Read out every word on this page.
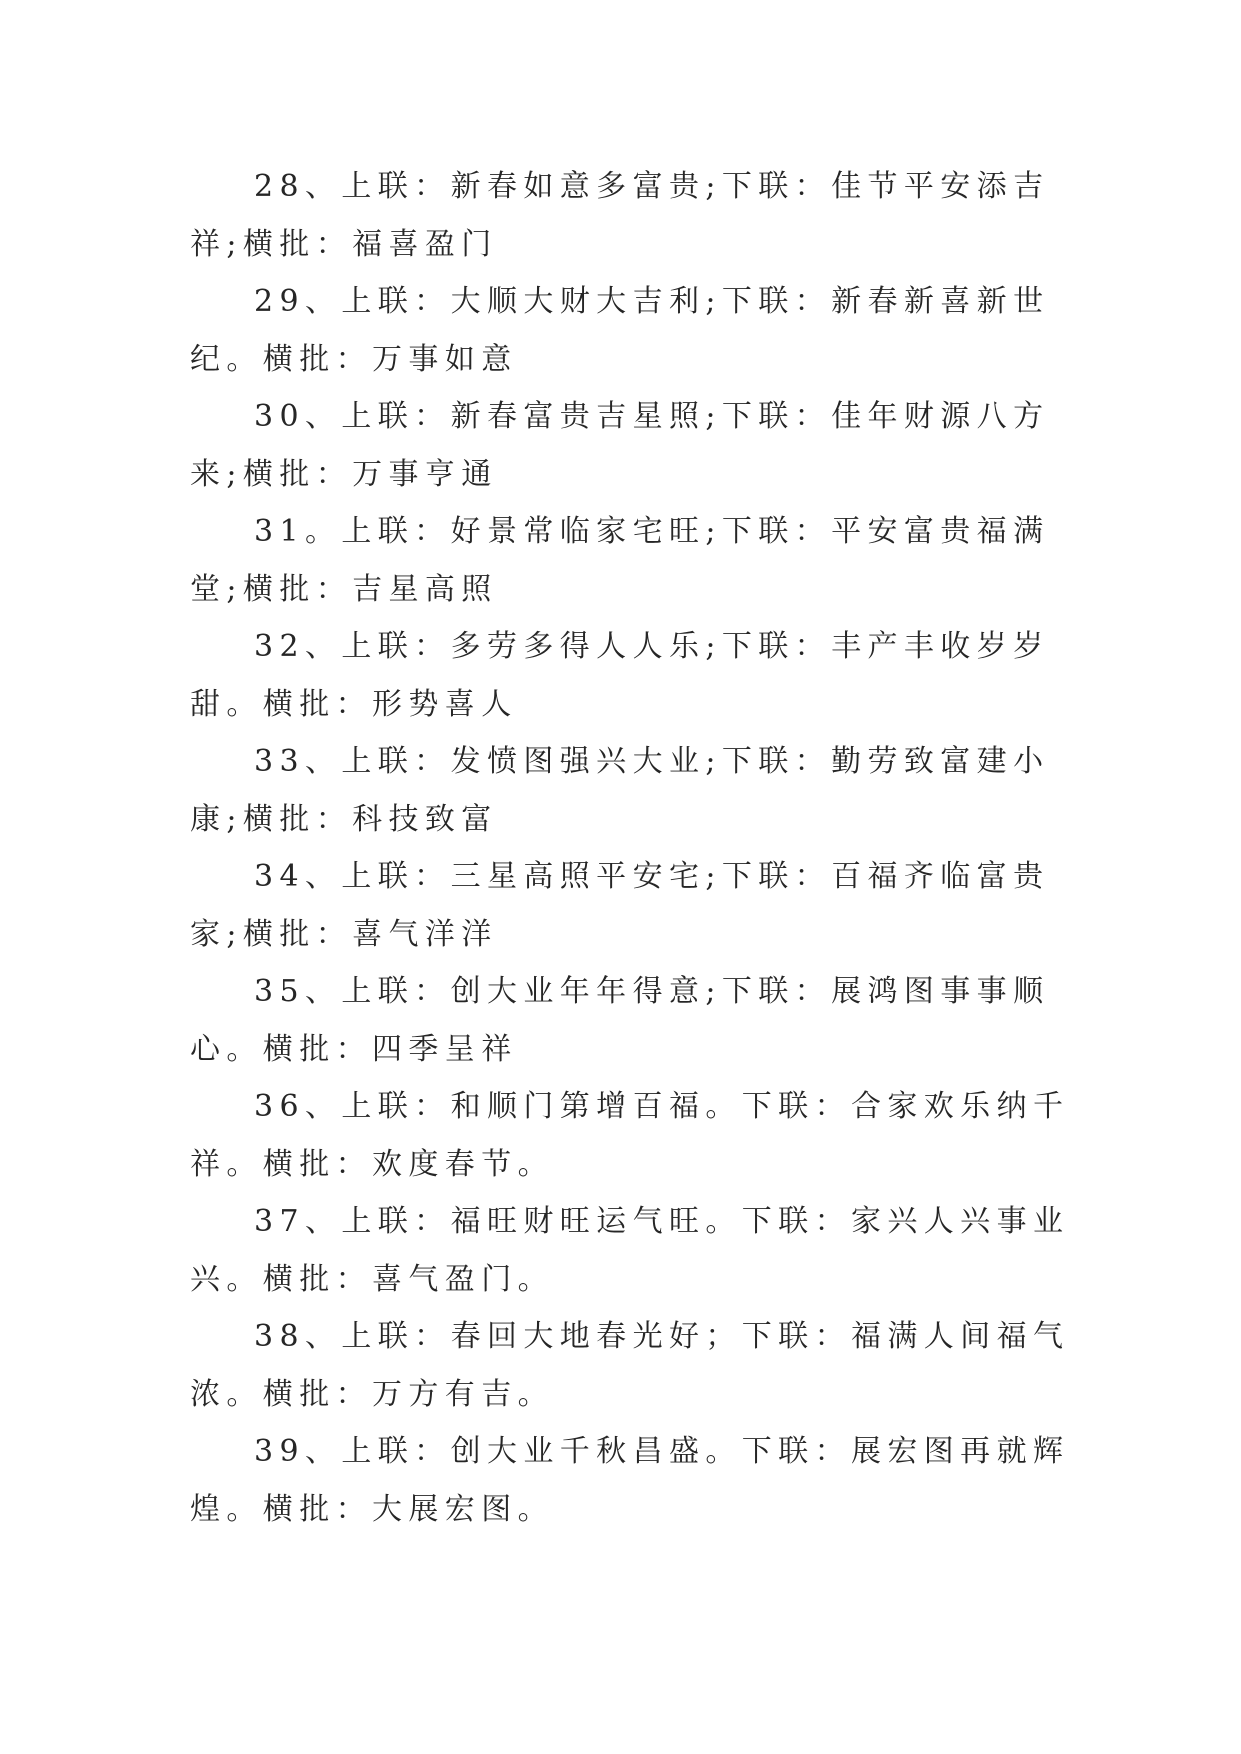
28、上联：新春如意多富贵;下联：佳节平安添吉祥;横批：福喜盈门

29、上联：大顺大财大吉利;下联：新春新喜新世纪。横批：万事如意

30、上联：新春富贵吉星照;下联：佳年财源八方来;横批：万事亨通

31。上联：好景常临家宅旺;下联：平安富贵福满堂;横批：吉星高照

32、上联：多劳多得人人乐;下联：丰产丰收岁岁甜。横批：形势喜人

33、上联：发愤图强兴大业;下联：勤劳致富建小康;横批：科技致富

34、上联：三星高照平安宅;下联：百福齐临富贵家;横批：喜气洋洋

35、上联：创大业年年得意;下联：展鸿图事事顺心。横批：四季呈祥

36、上联：和顺门第增百福。下联：合家欢乐纳千祥。横批：欢度春节。

37、上联：福旺财旺运气旺。下联：家兴人兴事业兴。横批：喜气盈门。

38、上联：春回大地春光好；下联：福满人间福气浓。横批：万方有吉。

39、上联：创大业千秋昌盛。下联：展宏图再就辉煌。横批：大展宏图。
